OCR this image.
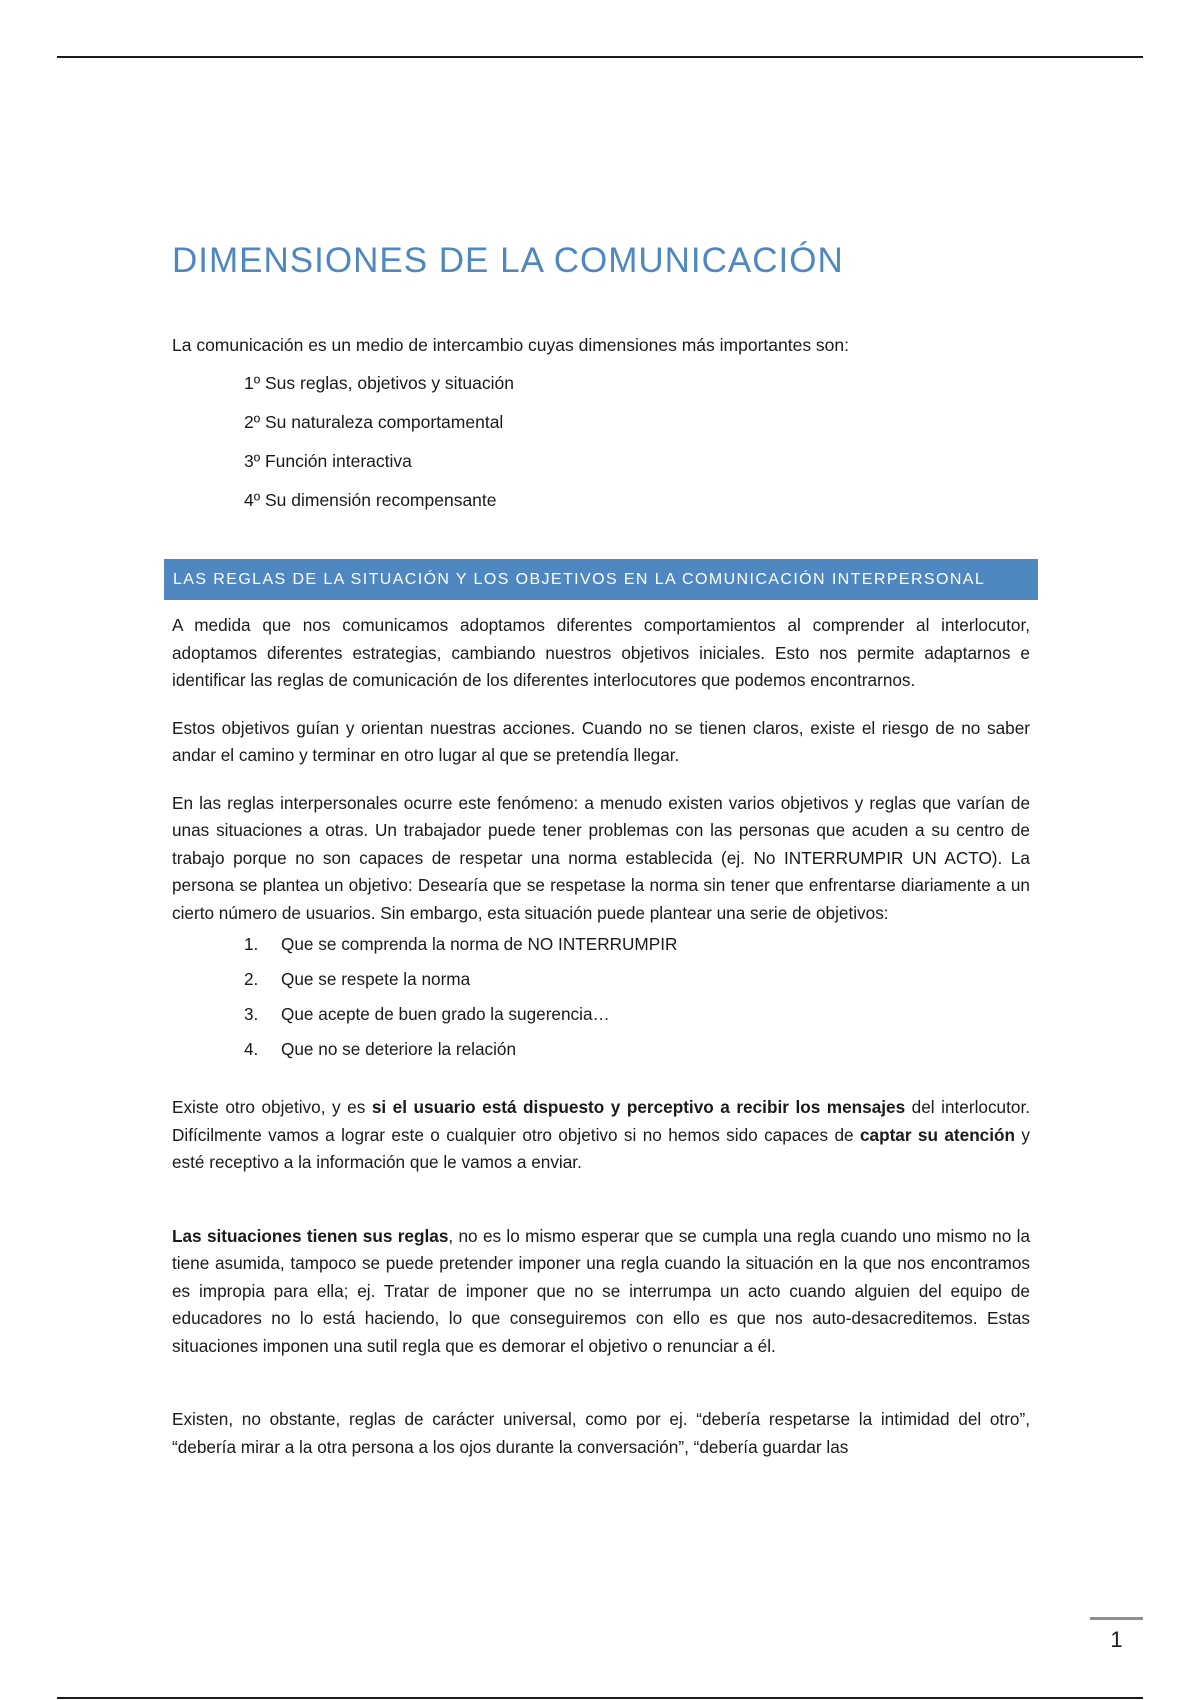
DIMENSIONES DE LA COMUNICACIÓN

La comunicación es un medio de intercambio cuyas dimensiones más importantes son:

1º Sus reglas, objetivos y situación
2º Su naturaleza comportamental
3º Función interactiva
4º Su dimensión recompensante
LAS REGLAS DE LA SITUACIÓN Y LOS OBJETIVOS EN LA COMUNICACIÓN INTERPERSONAL

A medida que nos comunicamos adoptamos diferentes comportamientos al comprender al interlocutor, adoptamos diferentes estrategias, cambiando nuestros objetivos iniciales. Esto nos permite adaptarnos e identificar las reglas de comunicación de los diferentes interlocutores que podemos encontrarnos.

Estos objetivos guían y orientan nuestras acciones. Cuando no se tienen claros, existe el riesgo de no saber andar el camino y terminar en otro lugar al que se pretendía llegar.

En las reglas interpersonales ocurre este fenómeno: a menudo existen varios objetivos y reglas que varían de unas situaciones a otras. Un trabajador puede tener problemas con las personas que acuden a su centro de trabajo porque no son capaces de respetar una norma establecida (ej. No INTERRUMPIR UN ACTO). La persona se plantea un objetivo: Desearía que se respetase la norma sin tener que enfrentarse diariamente a un cierto número de usuarios. Sin embargo, esta situación puede plantear una serie de objetivos:

1.	Que se comprenda la norma de NO INTERRUMPIR
2.	Que se respete la norma
3.	Que acepte de buen grado la sugerencia…
4.	Que no se deteriore la relación

Existe otro objetivo, y es si el usuario está dispuesto y perceptivo a recibir los mensajes del interlocutor. Difícilmente vamos a lograr este o cualquier otro objetivo si no hemos sido capaces de captar su atención y esté receptivo a la información que le vamos a enviar.

Las situaciones tienen sus reglas, no es lo mismo esperar que se cumpla una regla cuando uno mismo no la tiene asumida, tampoco se puede pretender imponer una regla cuando la situación en la que nos encontramos es impropia para ella; ej. Tratar de imponer que no se interrumpa un acto cuando alguien del equipo de educadores no lo está haciendo, lo que conseguiremos con ello es que nos auto-desacreditemos. Estas situaciones imponen una sutil regla que es demorar el objetivo o renunciar a él.

Existen, no obstante, reglas de carácter universal, como por ej. “debería respetarse la intimidad del otro”, “debería mirar a la otra persona a los ojos durante la conversación”, “debería guardar las

1
